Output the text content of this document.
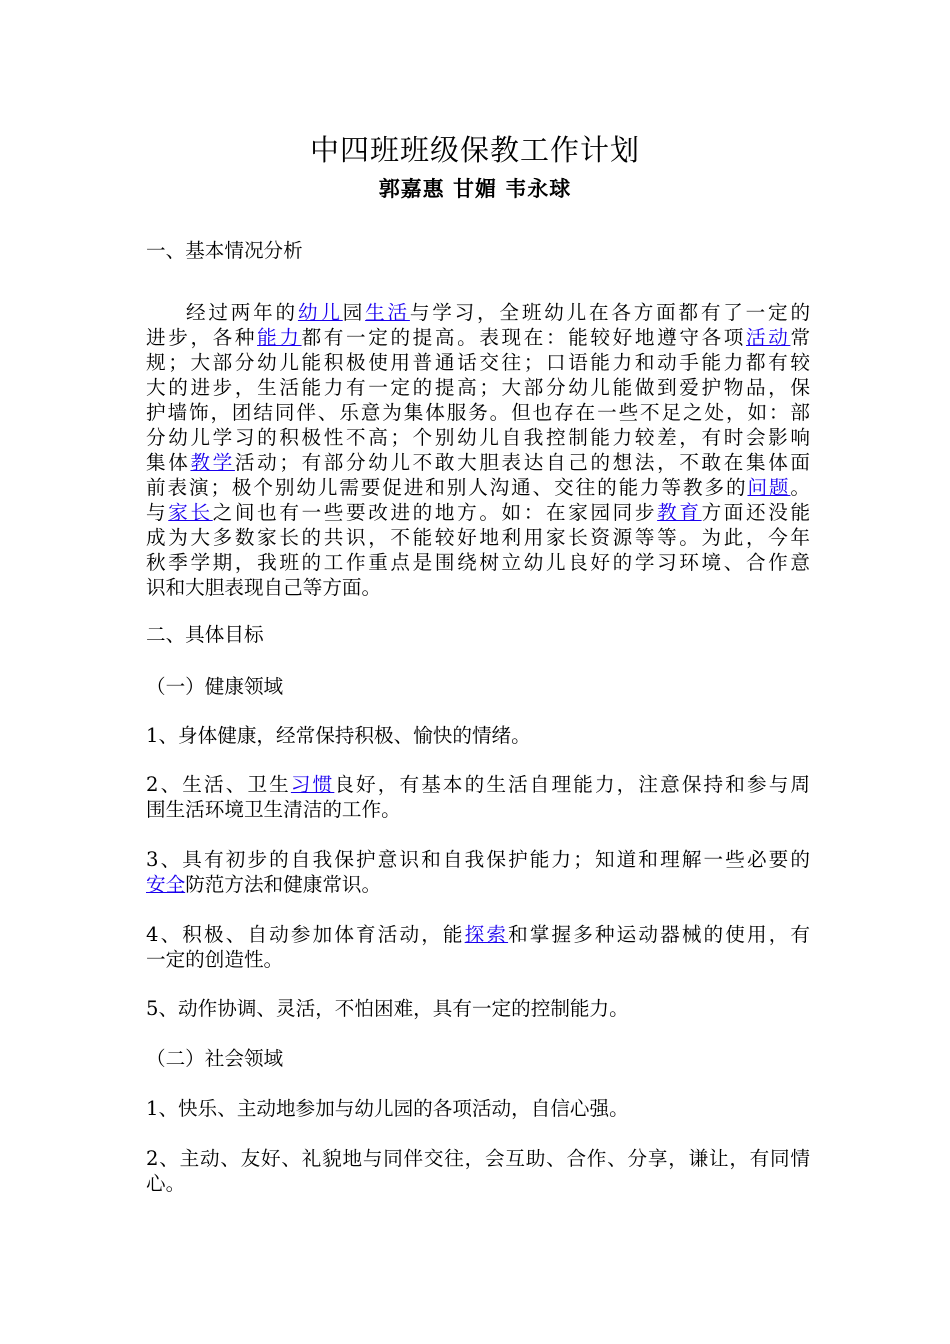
中四班班级保教工作计划
郭嘉惠 甘媚 韦永球
一、基本情况分析
经过两年的幼儿园生活与学习，全班幼儿在各方面都有了一定的
进步，各种能力都有一定的提高。表现在：能较好地遵守各项活动常
规；大部分幼儿能积极使用普通话交往；口语能力和动手能力都有较
大的进步，生活能力有一定的提高；大部分幼儿能做到爱护物品，保
护墙饰，团结同伴、乐意为集体服务。但也存在一些不足之处，如：部
分幼儿学习的积极性不高；个别幼儿自我控制能力较差，有时会影响
集体教学活动；有部分幼儿不敢大胆表达自己的想法，不敢在集体面
前表演；极个别幼儿需要促进和别人沟通、交往的能力等教多的问题。
与家长之间也有一些要改进的地方。如：在家园同步教育方面还没能
成为大多数家长的共识，不能较好地利用家长资源等等。为此，今年
秋季学期，我班的工作重点是围绕树立幼儿良好的学习环境、合作意
识和大胆表现自己等方面。
二、具体目标
（一）健康领域
1、身体健康，经常保持积极、愉快的情绪。
2、生活、卫生习惯良好，有基本的生活自理能力，注意保持和参与周
围生活环境卫生清洁的工作。
3、具有初步的自我保护意识和自我保护能力；知道和理解一些必要的
安全防范方法和健康常识。
4、积极、自动参加体育活动，能探索和掌握多种运动器械的使用，有
一定的创造性。
5、动作协调、灵活，不怕困难，具有一定的控制能力。
（二）社会领域
1、快乐、主动地参加与幼儿园的各项活动，自信心强。
2、主动、友好、礼貌地与同伴交往，会互助、合作、分享，谦让，有同情
心。
